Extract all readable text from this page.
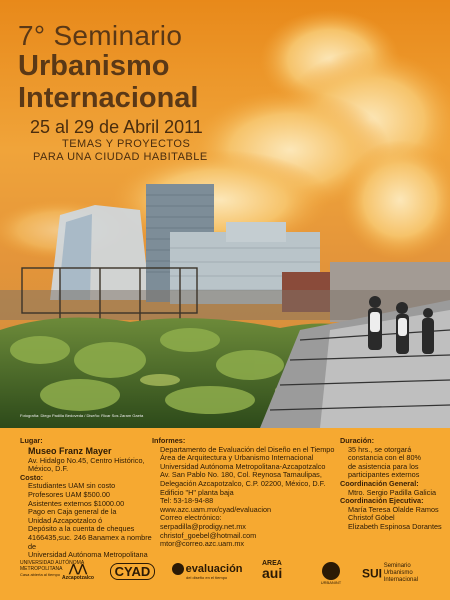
7° Seminario
Urbanismo
Internacional
25 al 29 de Abril 2011
TEMAS Y PROYECTOS
PARA UNA CIUDAD HABITABLE
Fotografía: Diego Padilla Bedoveda / Diseño: Ricar Sos Zaram Gaeta
Lugar:
Museo Franz Mayer
Av. Hidalgo No.45, Centro Histórico,
México, D.F.
Costo:
Estudiantes UAM sin costo
Profesores UAM $500.00
Asistentes externos $1000.00
Pago en Caja general de la
Unidad Azcapotzalco ó
Depósito a la cuenta de cheques
4166435,suc. 246 Banamex a nombre de
Universidad Autónoma Metropolitana
Informes:
Departamento de Evaluación del Diseño en el Tiempo
Área de Arquitectura y Urbanismo Internacional
Universidad Autónoma Metropolitana-Azcapotzalco
Av. San Pablo No. 180, Col. Reynosa Tamaulipas,
Delegación Azcapotzalco, C.P. 02200, México, D.F.
Edificio "H" planta baja
Tel: 53-18-94-88
www.azc.uam.mx/cyad/evaluacion
Correo electrónico:
serpadilla@prodigy.net.mx
christof_goebel@hotmail.com
mtor@correo.azc.uam.mx
Duración:
35 hrs., se otorgará
constancia con el 80%
de asistencia para los
participantes externos
Coordinación General:
Mtro. Sergio Padilla Galicia
Coordinación Ejecutiva:
María Teresa Olalde Ramos
Christof Göbel
Elizabeth Espinosa Dorantes
UNIVERSIDAD AUTÓNOMA METROPOLITANA
Casa abierta al tiempo ⋀⋀
Azcapotzalco	CYAD	evaluación
del diseño en el tiempo
AREA
aui
URBANINT
SUI Seminario Urbanismo Internacional
